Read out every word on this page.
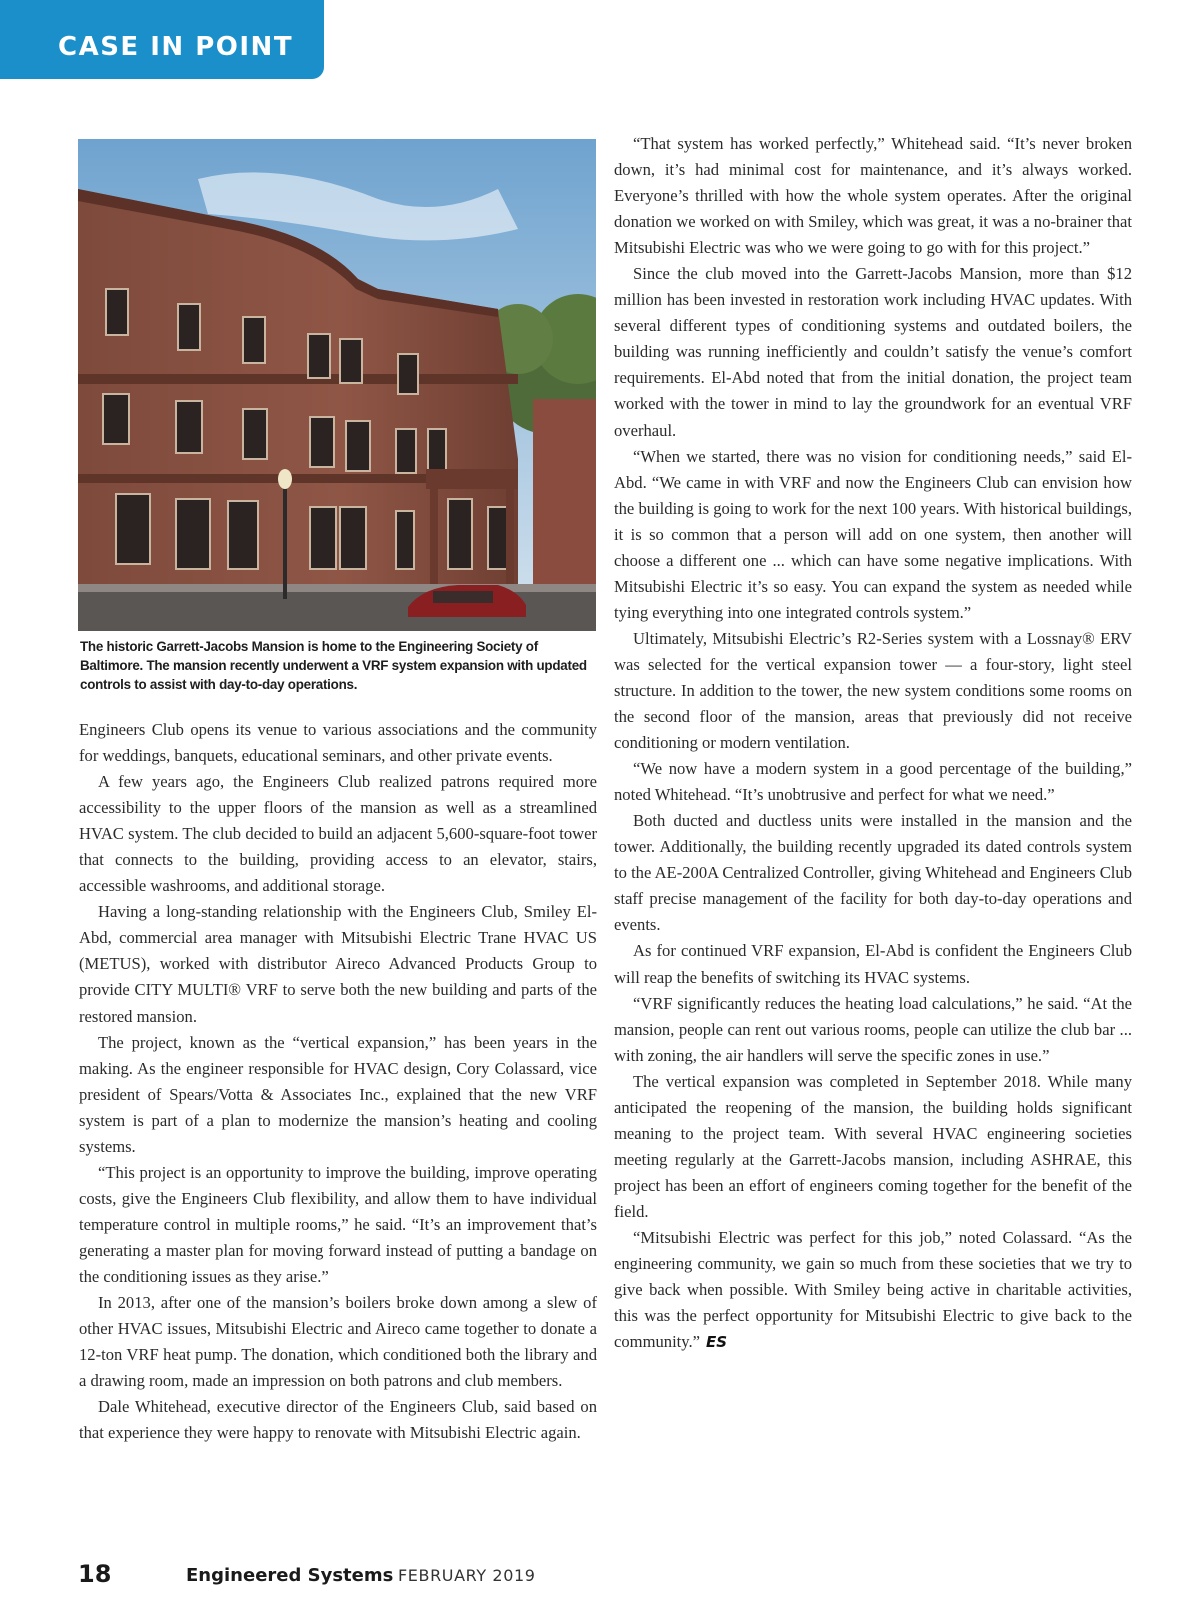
CASE IN POINT
The historic Garrett-Jacobs Mansion is home to the Engineering Society of Baltimore. The mansion recently underwent a VRF system expansion with updated controls to assist with day-to-day operations.

Engineers Club opens its venue to various associations and the community for weddings, banquets, educational seminars, and other private events.

A few years ago, the Engineers Club realized patrons required more accessibility to the upper floors of the mansion as well as a streamlined HVAC system. The club decided to build an adjacent 5,600-square-foot tower that connects to the building, providing access to an elevator, stairs, accessible washrooms, and additional storage.

Having a long-standing relationship with the Engineers Club, Smiley El-Abd, commercial area manager with Mitsubishi Electric Trane HVAC US (METUS), worked with distributor Aireco Advanced Products Group to provide CITY MULTI® VRF to serve both the new building and parts of the restored mansion.

The project, known as the “vertical expansion,” has been years in the making. As the engineer responsible for HVAC design, Cory Colassard, vice president of Spears/Votta & Associates Inc., explained that the new VRF system is part of a plan to modernize the mansion’s heating and cooling systems.

“This project is an opportunity to improve the building, improve operating costs, give the Engineers Club flexibility, and allow them to have individual temperature control in multiple rooms,” he said. “It’s an improvement that’s generating a master plan for moving forward instead of putting a bandage on the conditioning issues as they arise.”

In 2013, after one of the mansion’s boilers broke down among a slew of other HVAC issues, Mitsubishi Electric and Aireco came together to donate a 12-ton VRF heat pump. The donation, which conditioned both the library and a drawing room, made an impression on both patrons and club members.

Dale Whitehead, executive director of the Engineers Club, said based on that experience they were happy to renovate with Mitsubishi Electric again.

“That system has worked perfectly,” Whitehead said. “It’s never broken down, it’s had minimal cost for maintenance, and it’s always worked. Everyone’s thrilled with how the whole system operates. After the original donation we worked on with Smiley, which was great, it was a no-brainer that Mitsubishi Electric was who we were going to go with for this project.”

Since the club moved into the Garrett-Jacobs Mansion, more than $12 million has been invested in restoration work including HVAC updates. With several different types of conditioning systems and outdated boilers, the building was running inefficiently and couldn’t satisfy the venue’s comfort requirements. El-Abd noted that from the initial donation, the project team worked with the tower in mind to lay the groundwork for an eventual VRF overhaul.

“When we started, there was no vision for conditioning needs,” said El-Abd. “We came in with VRF and now the Engineers Club can envision how the building is going to work for the next 100 years. With historical buildings, it is so common that a person will add on one system, then another will choose a different one ... which can have some negative implications. With Mitsubishi Electric it’s so easy. You can expand the system as needed while tying everything into one integrated controls system.”

Ultimately, Mitsubishi Electric’s R2-Series system with a Lossnay® ERV was selected for the vertical expansion tower — a four-story, light steel structure. In addition to the tower, the new system conditions some rooms on the second floor of the mansion, areas that previously did not receive conditioning or modern ventilation.

“We now have a modern system in a good percentage of the building,” noted Whitehead. “It’s unobtrusive and perfect for what we need.”

Both ducted and ductless units were installed in the mansion and the tower. Additionally, the building recently upgraded its dated controls system to the AE-200A Centralized Controller, giving Whitehead and Engineers Club staff precise management of the facility for both day-to-day operations and events.

As for continued VRF expansion, El-Abd is confident the Engineers Club will reap the benefits of switching its HVAC systems.

“VRF significantly reduces the heating load calculations,” he said. “At the mansion, people can rent out various rooms, people can utilize the club bar ... with zoning, the air handlers will serve the specific zones in use.”

The vertical expansion was completed in September 2018. While many anticipated the reopening of the mansion, the building holds significant meaning to the project team. With several HVAC engineering societies meeting regularly at the Garrett-Jacobs mansion, including ASHRAE, this project has been an effort of engineers coming together for the benefit of the field.

“Mitsubishi Electric was perfect for this job,” noted Colassard. “As the engineering community, we gain so much from these societies that we try to give back when possible. With Smiley being active in charitable activities, this was the perfect opportunity for Mitsubishi Electric to give back to the community.” ES

18	Engineered Systems FEBRUARY 2019
